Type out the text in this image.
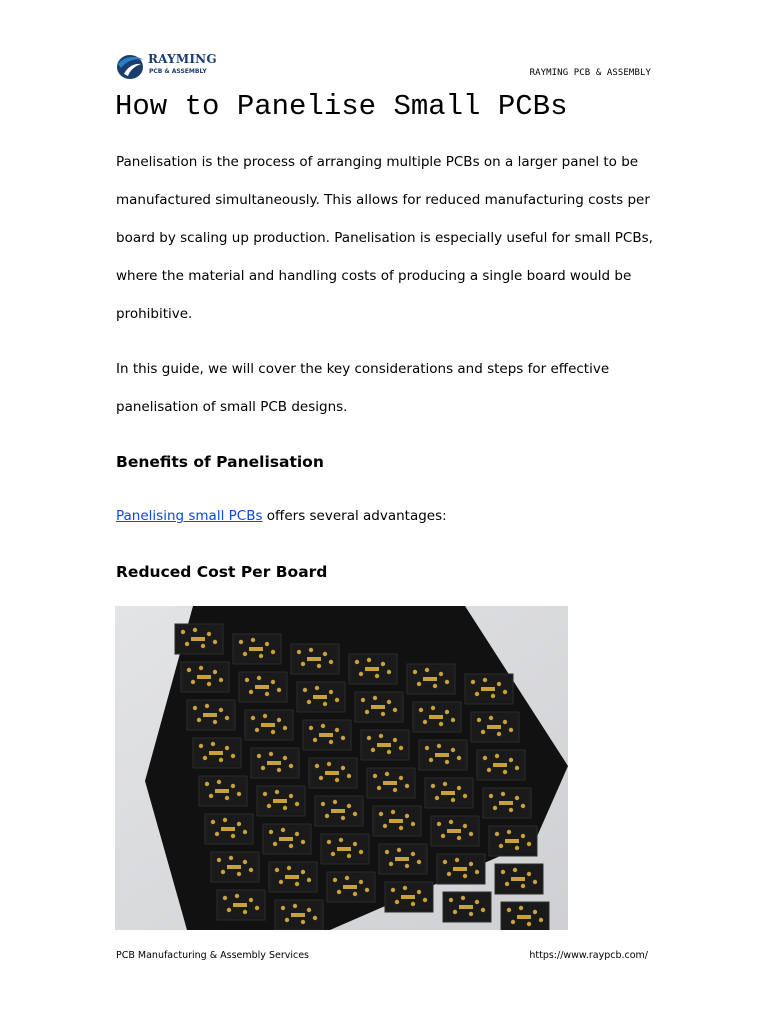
RAYMING
PCB & ASSEMBLY	RAYMING PCB & ASSEMBLY
How to Panelise Small PCBs

Panelisation is the process of arranging multiple PCBs on a larger panel to be manufactured simultaneously. This allows for reduced manufacturing costs per board by scaling up production. Panelisation is especially useful for small PCBs, where the material and handling costs of producing a single board would be prohibitive.

In this guide, we will cover the key considerations and steps for effective panelisation of small PCB designs.

Benefits of Panelisation

Panelising small PCBs offers several advantages:

Reduced Cost Per Board
PCB Manufacturing & Assembly Services	https://www.raypcb.com/
